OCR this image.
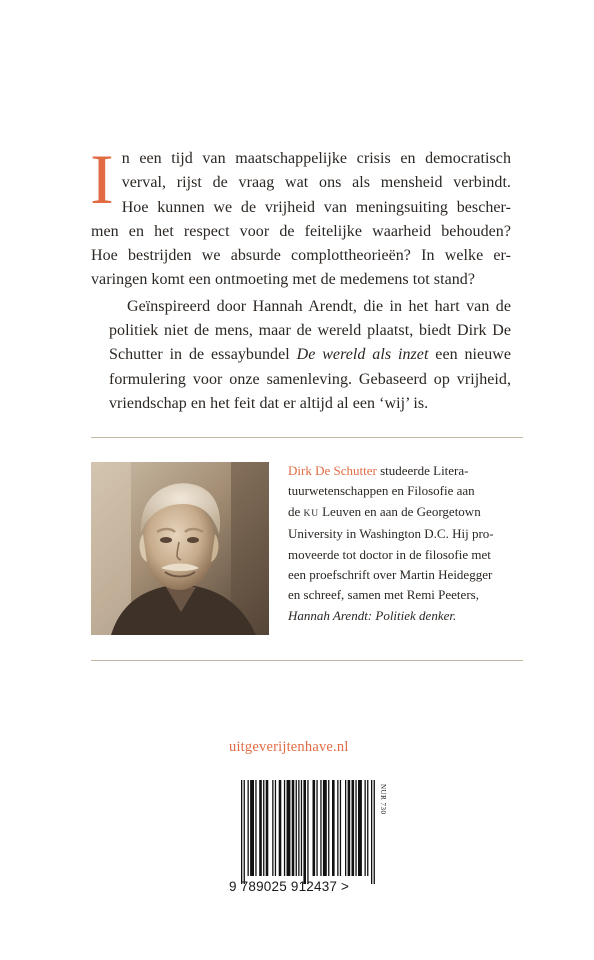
I n een tijd van maatschappelijke crisis en democratisch
verval, rijst de vraag wat ons als mensheid verbindt.
Hoe kunnen we de vrijheid van meningsuiting bescher-
men en het respect voor de feitelijke waarheid behouden?
Hoe bestrijden we absurde complottheorieën? In welke er-
varingen komt een ontmoeting met de medemens tot stand?

Geïnspireerd door Hannah Arendt, die in het hart van de
politiek niet de mens, maar de wereld plaatst, biedt Dirk De
Schutter in de essaybundel De wereld als inzet een nieuwe
formulering voor onze samenleving. Gebaseerd op vrijheid,
vriendschap en het feit dat er altijd al een ‘wij’ is.

Dirk De Schutter studeerde Litera-
tuurwetenschappen en Filosofie aan
de KU Leuven en aan de Georgetown
University in Washington D.C. Hij pro-
moveerde tot doctor in de filosofie met
een proefschrift over Martin Heidegger
en schreef, samen met Remi Peeters,
Hannah Arendt: Politiek denker.
uitgeverijtenhave.nl
9 789025 912437 >
NUR 730
